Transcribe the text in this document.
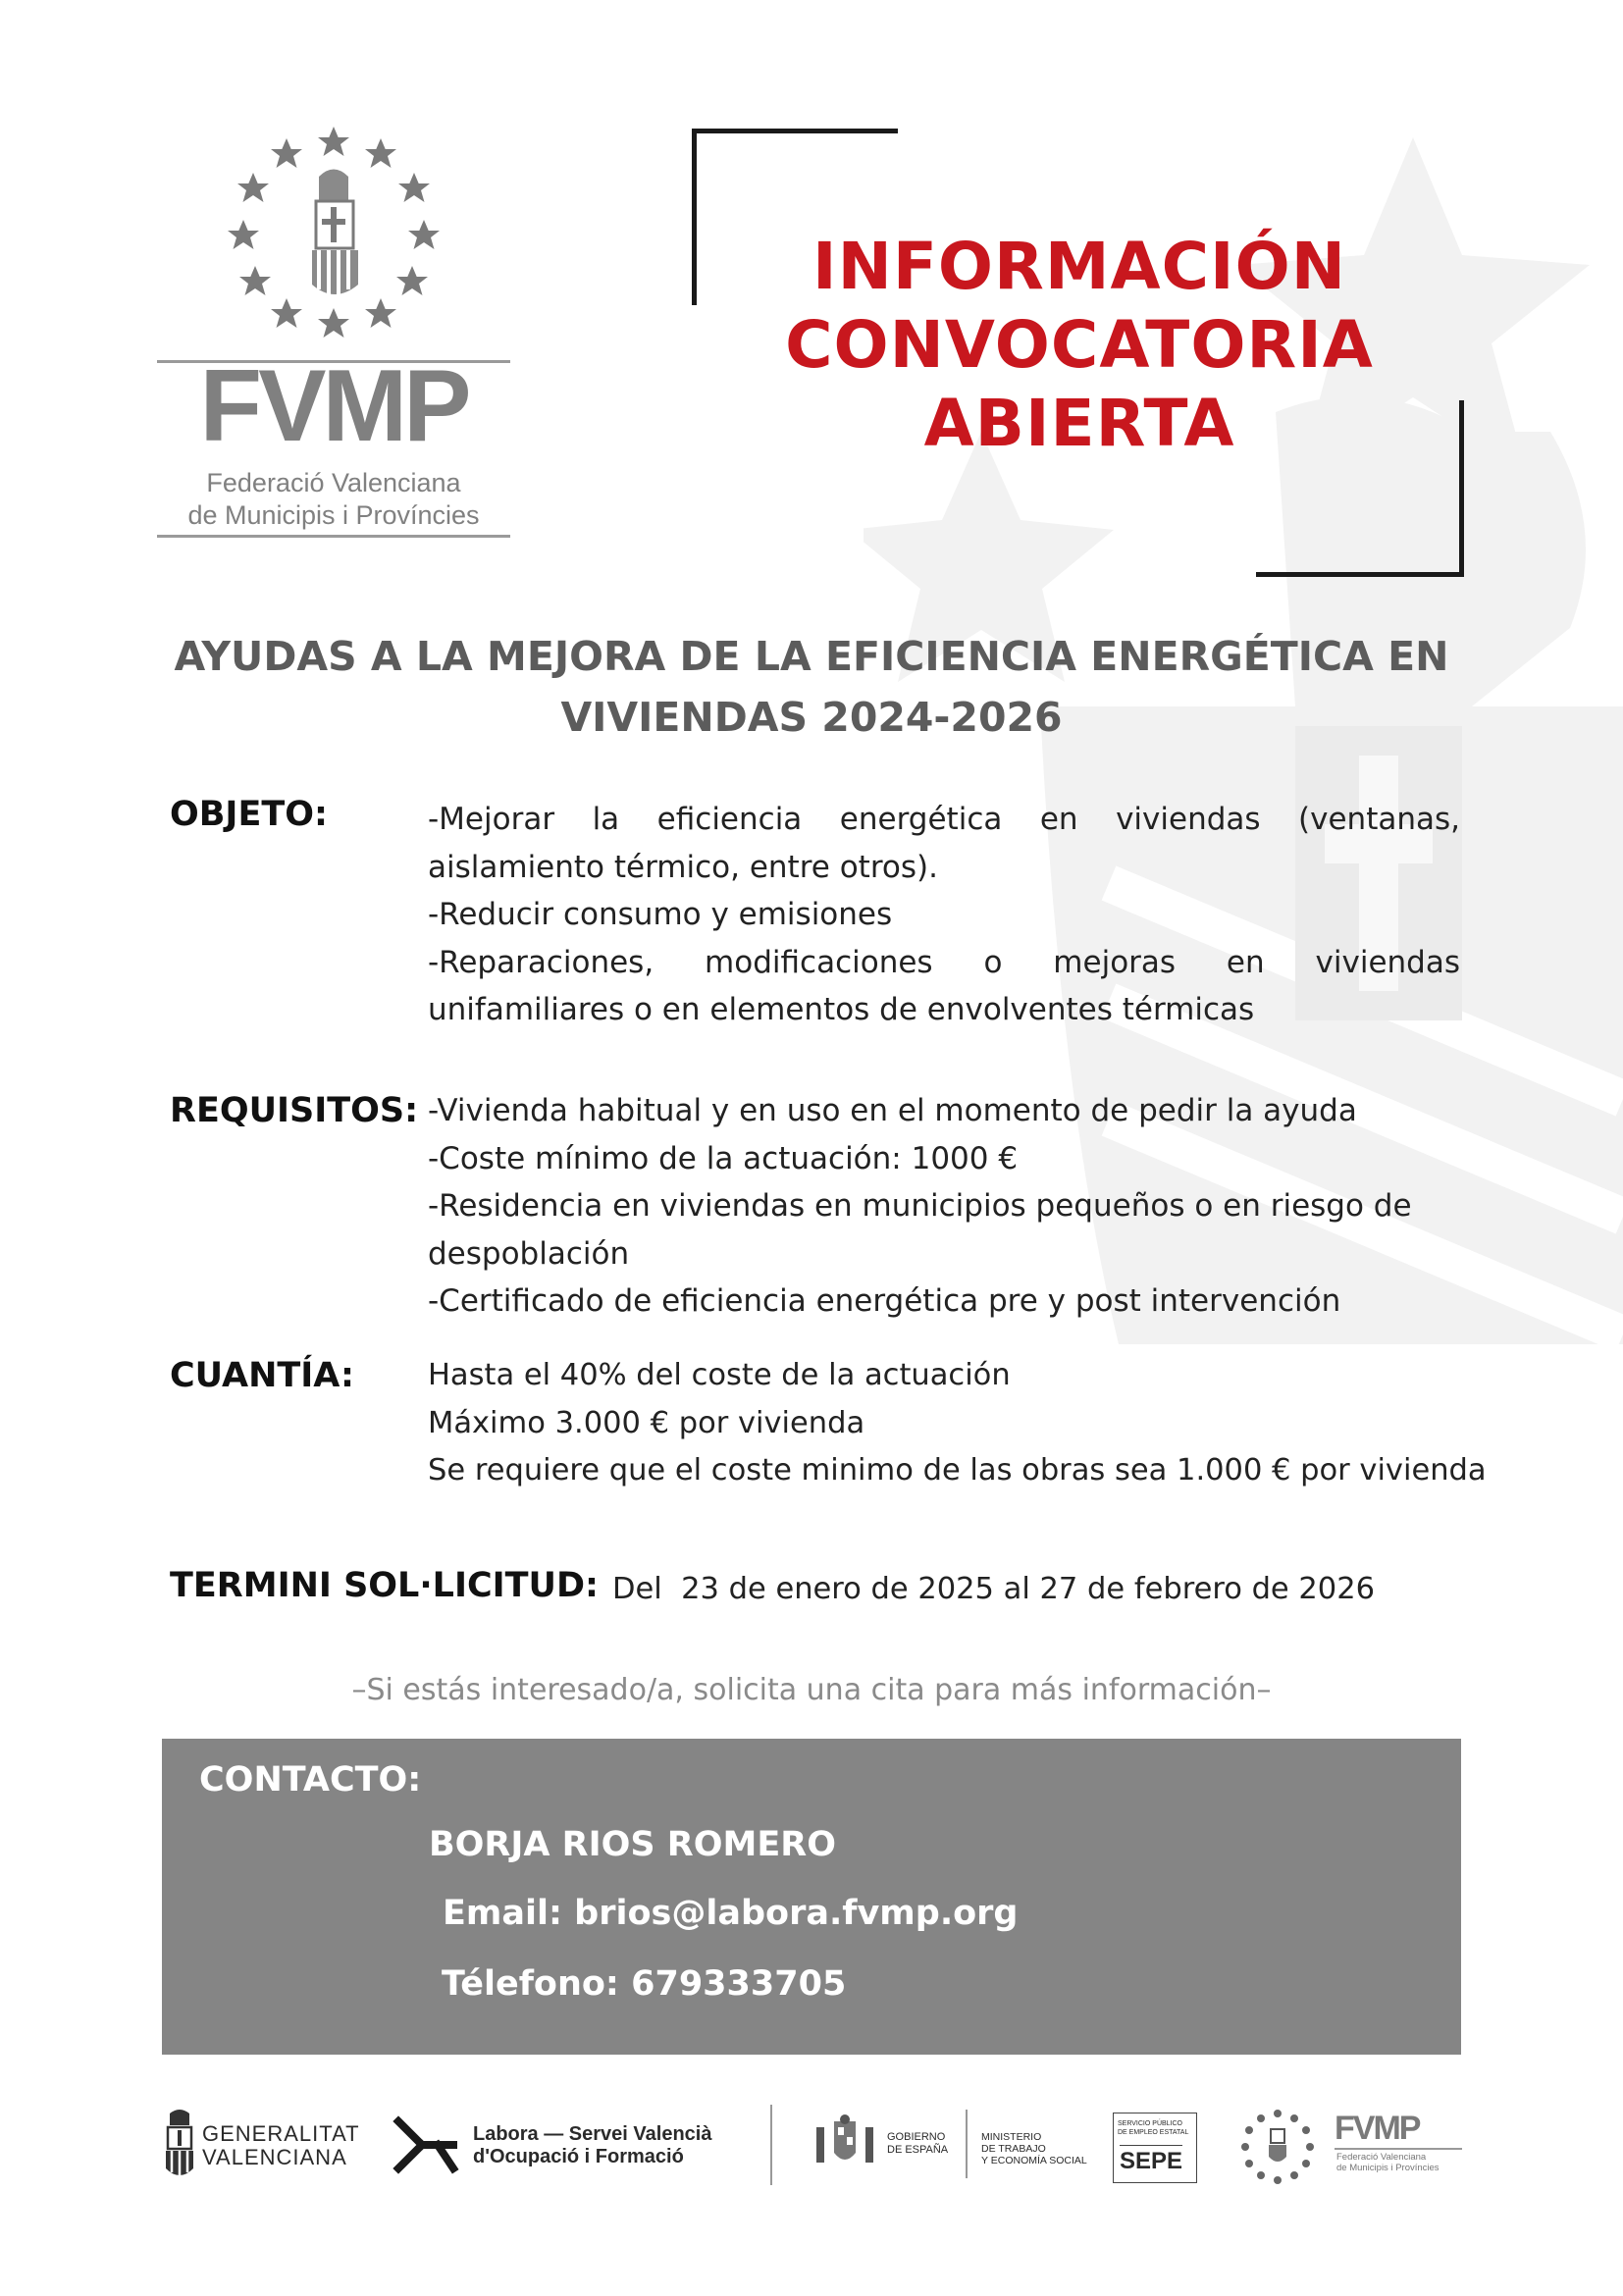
FVMP
Federació Valenciana
de Municipis i Províncies
INFORMACIÓN
CONVOCATORIA
ABIERTA
AYUDAS A LA MEJORA DE LA EFICIENCIA ENERGÉTICA EN
VIVIENDAS 2024-2026
OBJETO:	-Mejorar la eficiencia energética en viviendas (ventanas,
aislamiento térmico, entre otros).
-Reducir consumo y emisiones
-Reparaciones, modificaciones o mejoras en viviendas
unifamiliares o en elementos de envolventes térmicas
REQUISITOS: -Vivienda habitual y en uso en el momento de pedir la ayuda
-Coste mínimo de la actuación: 1000 €
-Residencia en viviendas en municipios pequeños o en riesgo de
despoblación
-Certificado de eficiencia energética pre y post intervención
CUANTÍA: Hasta el 40% del coste de la actuación
Máximo 3.000 € por vivienda
Se requiere que el coste minimo de las obras sea 1.000 € por vivienda
TERMINI SOL·LICITUD: Del  23 de enero de 2025 al 27 de febrero de 2026
–Si estás interesado/a, solicita una cita para más información–
CONTACTO:
BORJA RIOS ROMERO
Email: brios@labora.fvmp.org
Télefono: 679333705
GENERALITAT
VALENCIANA
Labora — Servei Valencià
d'Ocupació i Formació
GOBIERNO
DE ESPAÑA
MINISTERIO
DE TRABAJO
Y ECONOMÍA SOCIAL
SERVICIO PÚBLICO
DE EMPLEO ESTATAL
SEPE
FVMP
Federació Valenciana
de Municipis i Províncies
